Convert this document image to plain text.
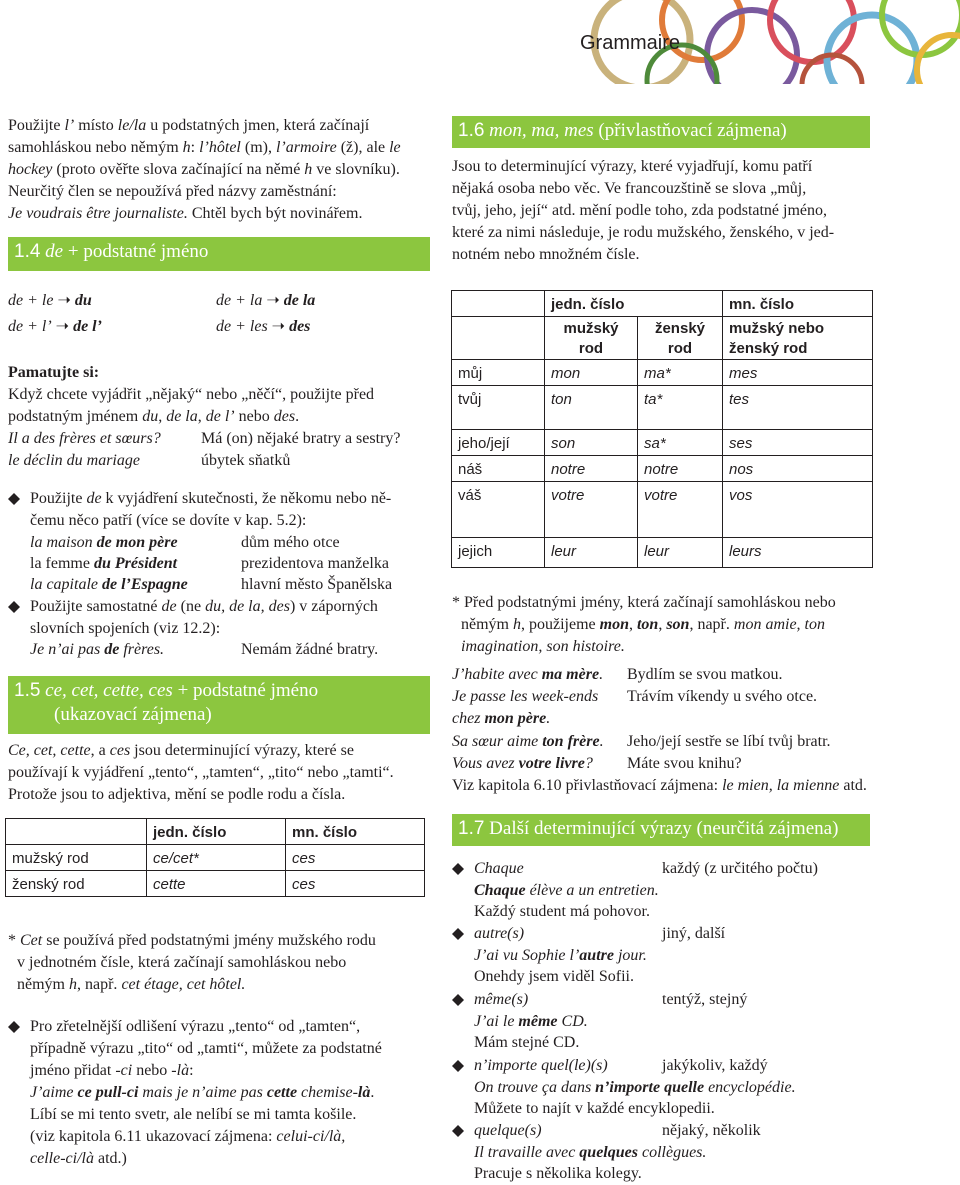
Grammaire

Použijte l’ místo le/la u podstatných jmen, která začínají

samohláskou nebo němým h: l’hôtel (m), l’armoire (ž), ale le

hockey (proto ověřte slova začínající na němé h ve slovníku).

Neurčitý člen se nepoužívá před názvy zaměstnání:

Je voudrais être journaliste. Chtěl bych být novinářem.

1.4 de + podstatné jméno
de + le ➝ du	de + la ➝ de la
de + l’ ➝ de l’	de + les ➝ des
Pamatujte si:
Když chcete vyjádřit „nějaký“ nebo „něčí“, použijte před
podstatným jménem du, de la, de l’ nebo des.
Il a des frères et sœurs?	Má (on) nějaké bratry a sestry?
le déclin du mariage	úbytek sňatků
Použijte de k vyjádření skutečnosti, že někomu nebo ně-
čemu něco patří (více se dovíte v kap. 5.2):
la maison de mon père	dům mého otce
la femme du Président	prezidentova manželka
la capitale de l’Espagne	hlavní město Španělska
Použijte samostatné de (ne du, de la, des) v záporných
slovních spojeních (viz 12.2):
Je n’ai pas de frères.	Nemám žádné bratry.
1.5 ce, cet, cette, ces + podstatné jméno
(ukazovací zájmena)
Ce, cet, cette, a ces jsou determinující výrazy, které se
používají k vyjádření „tento“, „tamten“, „tito“ nebo „tamti“.
Protože jsou to adjektiva, mění se podle rodu a čísla.
	jedn. číslo	mn. číslo
mužský rod	ce/cet*	ces
ženský rod	cette	ces
* Cet se používá před podstatnými jmény mužského rodu
v jednotném čísle, která začínají samohláskou nebo
němým h, např. cet étage, cet hôtel.
Pro zřetelnější odlišení výrazu „tento“ od „tamten“,
případně výrazu „tito“ od „tamti“, můžete za podstatné
jméno přidat -ci nebo -là:
J’aime ce pull-ci mais je n’aime pas cette chemise-là.
Líbí se mi tento svetr, ale nelíbí se mi tamta košile.
(viz kapitola 6.11 ukazovací zájmena: celui-ci/là,
celle-ci/là atd.)
1.6 mon, ma, mes (přivlastňovací zájmena)
Jsou to determinující výrazy, které vyjadřují, komu patří
nějaká osoba nebo věc. Ve francouzštině se slova „můj,
tvůj, jeho, její“ atd. mění podle toho, zda podstatné jméno,
které za nimi následuje, je rodu mužského, ženského, v jed-
notném nebo množném čísle.
	jedn. číslo		mn. číslo
	mužský rod	ženský rod	mužský nebo ženský rod
můj	mon	ma*	mes
tvůj	ton	ta*	tes
jeho/její	son	sa*	ses
náš	notre	notre	nos
váš	votre	votre	vos
jejich	leur	leur	leurs
* Před podstatnými jmény, která začínají samohláskou nebo
němým h, použijeme mon, ton, son, např. mon amie, ton
imagination, son histoire.
J’habite avec ma mère. Bydlím se svou matkou.
Je passe les week-ends Trávím víkendy u svého otce.
chez mon père.
Sa sœur aime ton frère. Jeho/její sestře se líbí tvůj bratr.
Vous avez votre livre? Máte svou knihu?
Viz kapitola 6.10 přivlastňovací zájmena: le mien, la mienne atd.
1.7 Další determinující výrazy (neurčitá zájmena)
Chaque	každý (z určitého počtu)
Chaque élève a un entretien.
Každý student má pohovor.
autre(s)	jiný, další
J’ai vu Sophie l’autre jour.
Onehdy jsem viděl Sofii.
même(s)	tentýž, stejný
J’ai le même CD.
Mám stejné CD.
n’importe quel(le)(s)	jakýkoliv, každý
On trouve ça dans n’importe quelle encyclopédie.
Můžete to najít v každé encyklopedii.
quelque(s)	nějaký, několik
Il travaille avec quelques collègues.
Pracuje s několika kolegy.
